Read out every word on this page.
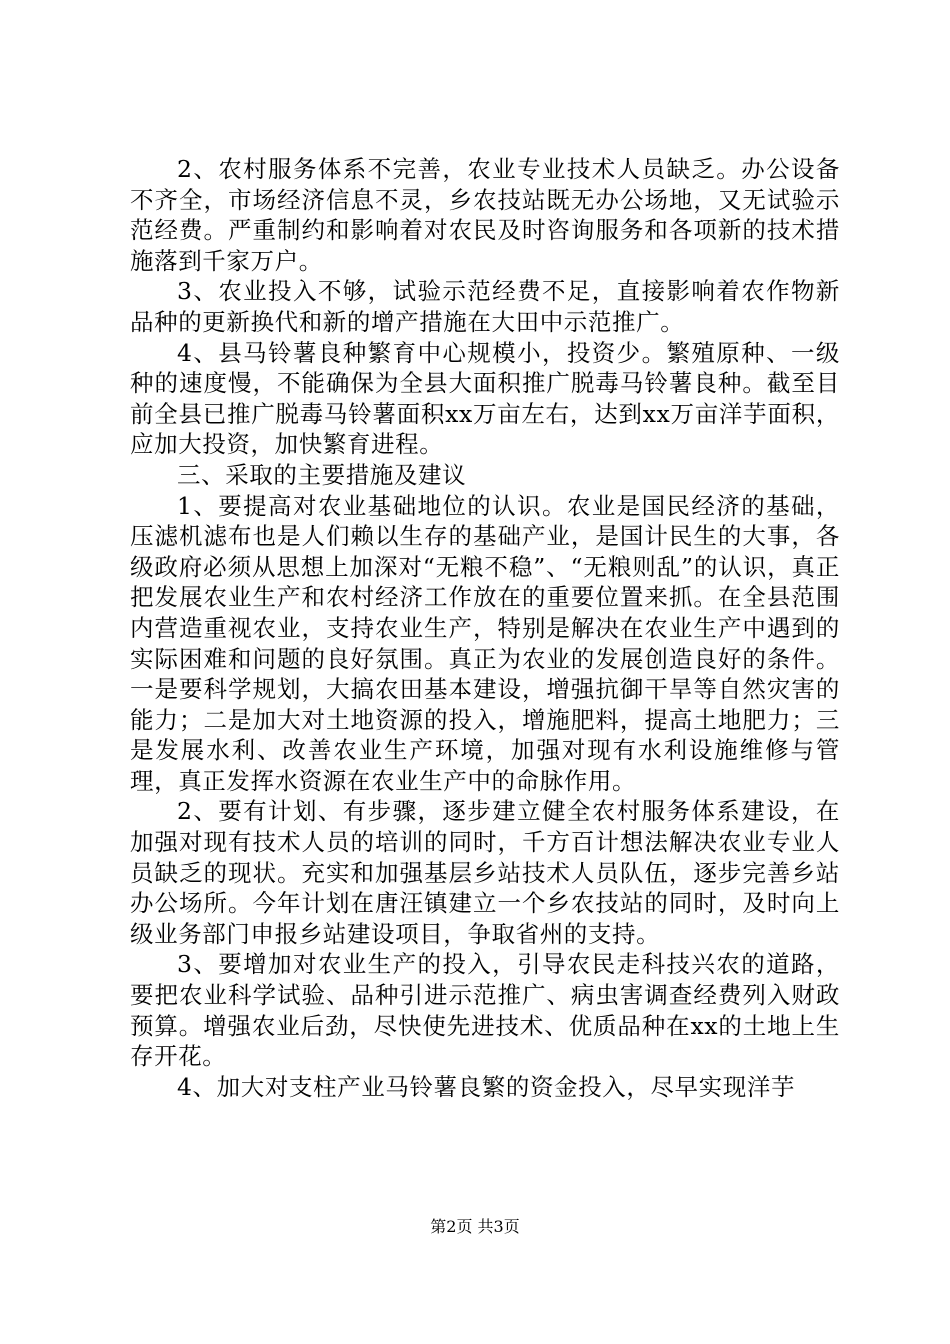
2、农村服务体系不完善，农业专业技术人员缺乏。办公设备不齐全，市场经济信息不灵，乡农技站既无办公场地，又无试验示范经费。严重制约和影响着对农民及时咨询服务和各项新的技术措施落到千家万户。

3、农业投入不够，试验示范经费不足，直接影响着农作物新品种的更新换代和新的增产措施在大田中示范推广。

4、县马铃薯良种繁育中心规模小，投资少。繁殖原种、一级种的速度慢，不能确保为全县大面积推广脱毒马铃薯良种。截至目前全县已推广脱毒马铃薯面积xx万亩左右，达到xx万亩洋芋面积，应加大投资，加快繁育进程。

三、采取的主要措施及建议

1、要提高对农业基础地位的认识。农业是国民经济的基础，压滤机滤布也是人们赖以生存的基础产业，是国计民生的大事，各级政府必须从思想上加深对“无粮不稳”、“无粮则乱”的认识，真正把发展农业生产和农村经济工作放在的重要位置来抓。在全县范围内营造重视农业，支持农业生产，特别是解决在农业生产中遇到的实际困难和问题的良好氛围。真正为农业的发展创造良好的条件。一是要科学规划，大搞农田基本建设，增强抗御干旱等自然灾害的能力；二是加大对土地资源的投入，增施肥料，提高土地肥力；三是发展水利、改善农业生产环境，加强对现有水利设施维修与管理，真正发挥水资源在农业生产中的命脉作用。

2、要有计划、有步骤，逐步建立健全农村服务体系建设，在加强对现有技术人员的培训的同时，千方百计想法解决农业专业人员缺乏的现状。充实和加强基层乡站技术人员队伍，逐步完善乡站办公场所。今年计划在唐汪镇建立一个乡农技站的同时，及时向上级业务部门申报乡站建设项目，争取省州的支持。

3、要增加对农业生产的投入，引导农民走科技兴农的道路，要把农业科学试验、品种引进示范推广、病虫害调查经费列入财政预算。增强农业后劲，尽快使先进技术、优质品种在xx的土地上生存开花。

4、加大对支柱产业马铃薯良繁的资金投入，尽早实现洋芋

第2页 共3页
